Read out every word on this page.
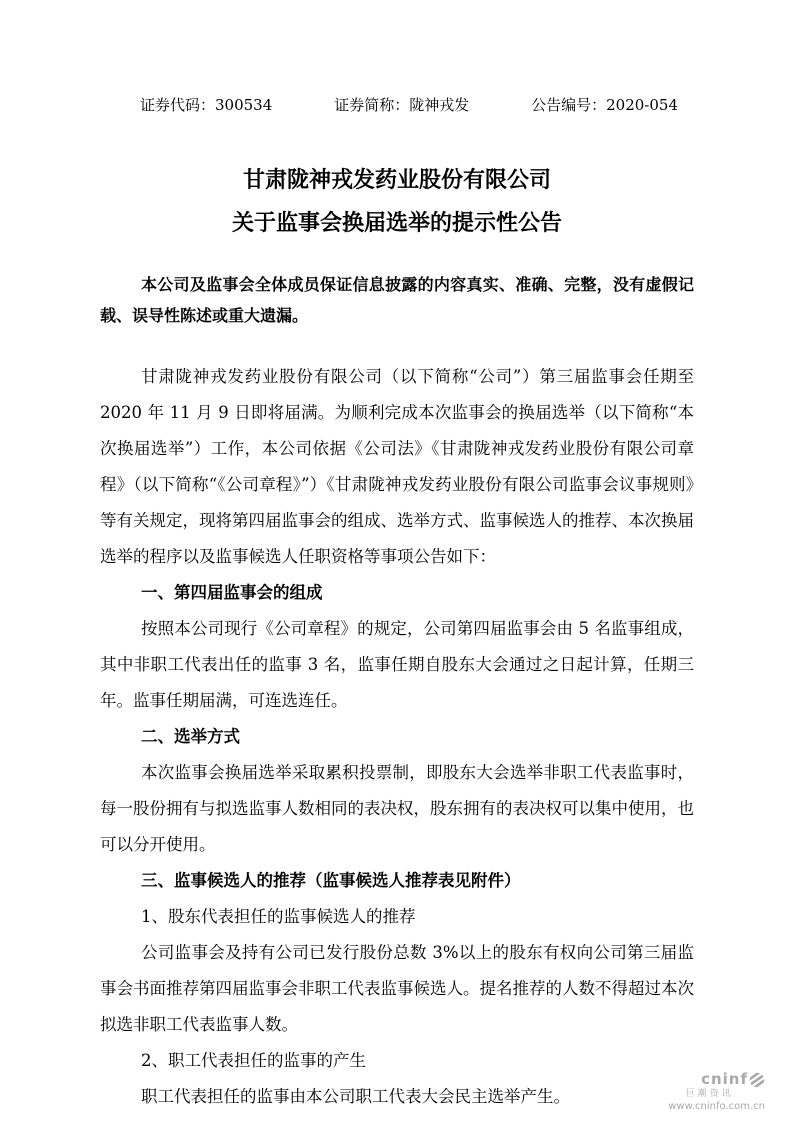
证券代码：300534	证券简称：陇神戎发	公告编号：2020-054
甘肃陇神戎发药业股份有限公司
关于监事会换届选举的提示性公告

本公司及监事会全体成员保证信息披露的内容真实、准确、完整，没有虚假记载、误导性陈述或重大遗漏。

甘肃陇神戎发药业股份有限公司（以下简称“公司”）第三届监事会任期至 2020 年 11 月 9 日即将届满。为顺利完成本次监事会的换届选举（以下简称“本次换届选举”）工作，本公司依据《公司法》《甘肃陇神戎发药业股份有限公司章程》（以下简称“《公司章程》”）《甘肃陇神戎发药业股份有限公司监事会议事规则》等有关规定，现将第四届监事会的组成、选举方式、监事候选人的推荐、本次换届选举的程序以及监事候选人任职资格等事项公告如下：

一、第四届监事会的组成

按照本公司现行《公司章程》的规定，公司第四届监事会由 5 名监事组成，其中非职工代表出任的监事 3 名，监事任期自股东大会通过之日起计算，任期三年。监事任期届满，可连选连任。

二、选举方式

本次监事会换届选举采取累积投票制，即股东大会选举非职工代表监事时，每一股份拥有与拟选监事人数相同的表决权，股东拥有的表决权可以集中使用，也可以分开使用。

三、监事候选人的推荐（监事候选人推荐表见附件）

1、股东代表担任的监事候选人的推荐

公司监事会及持有公司已发行股份总数 3%以上的股东有权向公司第三届监事会书面推荐第四届监事会非职工代表监事候选人。提名推荐的人数不得超过本次拟选非职工代表监事人数。

2、职工代表担任的监事的产生

职工代表担任的监事由本公司职工代表大会民主选举产生。

cninf
巨潮资讯
www.cninfo.com.cn
